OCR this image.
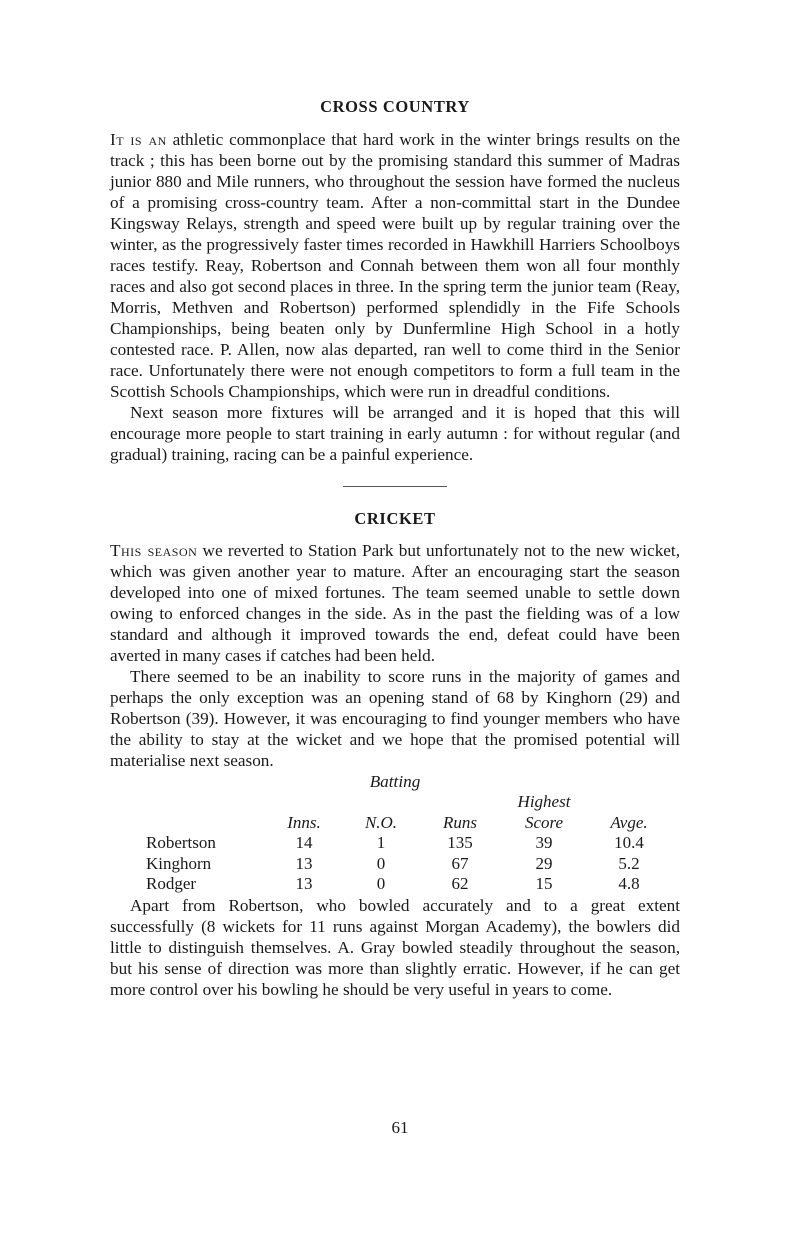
CROSS COUNTRY

It is an athletic commonplace that hard work in the winter brings results on the track ; this has been borne out by the promising standard this summer of Madras junior 880 and Mile runners, who throughout the session have formed the nucleus of a promising cross-country team. After a non-committal start in the Dundee Kingsway Relays, strength and speed were built up by regular training over the winter, as the progressively faster times recorded in Hawkhill Harriers Schoolboys races testify. Reay, Robertson and Connah between them won all four monthly races and also got second places in three. In the spring term the junior team (Reay, Morris, Methven and Robertson) performed splendidly in the Fife Schools Championships, being beaten only by Dunfermline High School in a hotly contested race. P. Allen, now alas departed, ran well to come third in the Senior race. Unfortunately there were not enough competitors to form a full team in the Scottish Schools Championships, which were run in dreadful conditions.

Next season more fixtures will be arranged and it is hoped that this will encourage more people to start training in early autumn : for without regular (and gradual) training, racing can be a painful experience.

CRICKET

This season we reverted to Station Park but unfortunately not to the new wicket, which was given another year to mature. After an encouraging start the season developed into one of mixed fortunes. The team seemed unable to settle down owing to enforced changes in the side. As in the past the fielding was of a low standard and although it improved towards the end, defeat could have been averted in many cases if catches had been held.

There seemed to be an inability to score runs in the majority of games and perhaps the only exception was an opening stand of 68 by Kinghorn (29) and Robertson (39). However, it was encouraging to find younger members who have the ability to stay at the wicket and we hope that the promised potential will materialise next season.

Batting

				Highest	
	Inns.	N.O.	Runs	Score	Avge.
Robertson	14	1	135	39	10.4
Kinghorn	13	0	67	29	5.2
Rodger	13	0	62	15	4.8

Apart from Robertson, who bowled accurately and to a great extent successfully (8 wickets for 11 runs against Morgan Academy), the bowlers did little to distinguish themselves. A. Gray bowled steadily throughout the season, but his sense of direction was more than slightly erratic. However, if he can get more control over his bowling he should be very useful in years to come.

61
